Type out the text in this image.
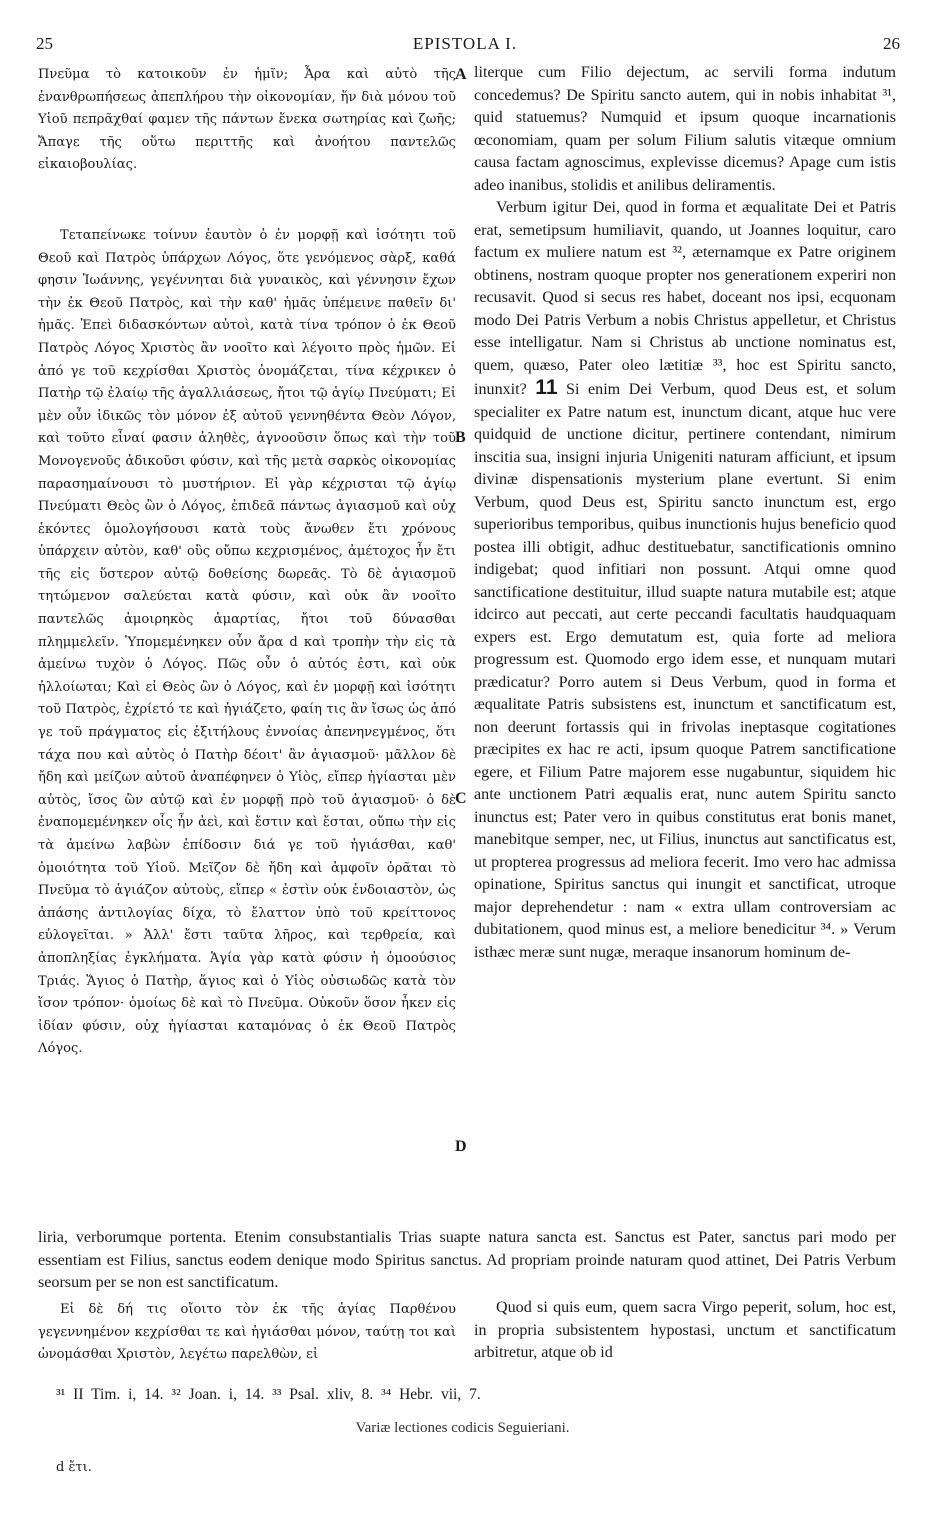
25	EPISTOLA I.	26

Πνεῦμα τὸ κατοικοῦν ἐν ἡμῖν; Ἆρα καὶ αὐτὸ τῆς ἐνανθρωπήσεως ἀπεπλήρου τὴν οἰκονομίαν, ἥν διὰ μόνου τοῦ Υἱοῦ πεπρᾶχθαί φαμεν τῆς πάντων ἕνεκα σωτηρίας καὶ ζωῆς; Ἄπαγε τῆς οὕτω περιττῆς καὶ ἀνοήτου παντελῶς εἰκαιοβουλίας.

Τεταπείνωκε τοίνυν ἑαυτὸν ὁ ἐν μορφῇ καὶ ἰσότητι τοῦ Θεοῦ καὶ Πατρὸς ὑπάρχων Λόγος, ὅτε γενόμενος σὰρξ, καθά φησιν Ἰωάννης, γεγέννηται διὰ γυναικὸς, καὶ γέννησιν ἔχων τὴν ἐκ Θεοῦ Πατρὸς, καὶ τὴν καθ' ἡμᾶς ὑπέμεινε παθεῖν δι' ἡμᾶς. Ἐπεὶ διδασκόντων αὐτοὶ, κατὰ τίνα τρόπον ὁ ἐκ Θεοῦ Πατρὸς Λόγος Χριστὸς ἂν νοοῖτο καὶ λέγοιτο πρὸς ἡμῶν. Εἰ ἀπό γε τοῦ κεχρίσθαι Χριστὸς ὀνομάζεται, τίνα κέχρικεν ὁ Πατὴρ τῷ ἐλαίῳ τῆς ἀγαλλιάσεως, ἤτοι τῷ ἁγίῳ Πνεύματι; Εἰ μὲν οὖν ἰδικῶς τὸν μόνον ἐξ αὐτοῦ γεννηθέντα Θεὸν Λόγον, καὶ τοῦτο εἶναί φασιν ἀληθὲς, ἀγνοοῦσιν ὅπως καὶ τὴν τοῦ Μονογενοῦς ἀδικοῦσι φύσιν, καὶ τῆς μετὰ σαρκὸς οἰκονομίας παρασημαίνουσι τὸ μυστήριον. Εἰ γὰρ κέχρισται τῷ ἁγίῳ Πνεύματι Θεὸς ὢν ὁ Λόγος, ἐπιδεᾶ πάντως ἁγιασμοῦ καὶ οὐχ ἑκόντες ὁμολογήσουσι κατὰ τοὺς ἄνωθεν ἔτι χρόνους ὑπάρχειν αὐτὸν, καθ' οὓς οὔπω κεχρισμένος, ἀμέτοχος ἦν ἔτι τῆς εἰς ὕστερον αὐτῷ δοθείσης δωρεᾶς. Τὸ δὲ ἁγιασμοῦ τητώμενον σαλεύεται κατὰ φύσιν, καὶ οὐκ ἂν νοοῖτο παντελῶς ἀμοιρηκὸς ἁμαρτίας, ἤτοι τοῦ δύνασθαι πλημμελεῖν. Ὑπομεμένηκεν οὖν ἄρα d καὶ τροπὴν τὴν εἰς τὰ ἀμείνω τυχὸν ὁ Λόγος. Πῶς οὖν ὁ αὐτός ἐστι, καὶ οὐκ ἠλλοίωται; Καὶ εἰ Θεὸς ὢν ὁ Λόγος, καὶ ἐν μορφῇ καὶ ἰσότητι τοῦ Πατρὸς, ἐχρίετό τε καὶ ἡγιάζετο, φαίη τις ἂν ἴσως ὡς ἀπό γε τοῦ πράγματος εἰς ἐξιτήλους ἐννοίας ἀπενηνεγμένος, ὅτι τάχα που καὶ αὐτὸς ὁ Πατὴρ δέοιτ' ἂν ἁγιασμοῦ· μᾶλλον δὲ ἤδη καὶ μείζων αὐτοῦ ἀναπέφηνεν ὁ Υἱὸς, εἴπερ ἡγίασται μὲν αὐτὸς, ἴσος ὢν αὐτῷ καὶ ἐν μορφῇ πρὸ τοῦ ἁγιασμοῦ· ὁ δὲ ἐναπομεμένηκεν οἷς ἦν ἀεὶ, καὶ ἔστιν καὶ ἔσται, οὔπω τὴν εἰς τὰ ἀμείνω λαβὼν ἐπίδοσιν διά γε τοῦ ἡγιάσθαι, καθ' ὁμοιότητα τοῦ Υἱοῦ. Μεῖζον δὲ ἤδη καὶ ἀμφοῖν ὁρᾶται τὸ Πνεῦμα τὸ ἁγιάζον αὐτοὺς, εἴπερ « ἐστὶν οὐκ ἐνδοιαστὸν, ὡς ἁπάσης ἀντιλογίας δίχα, τὸ ἔλαττον ὑπὸ τοῦ κρείττονος εὐλογεῖται. » Ἀλλ' ἔστι ταῦτα λῆρος, καὶ τερθρεία, καὶ ἀποπληξίας ἐγκλήματα. Ἁγία γὰρ κατὰ φύσιν ἡ ὁμοούσιος Τριάς. Ἅγιος ὁ Πατὴρ, ἅγιος καὶ ὁ Υἱὸς οὐσιωδῶς κατὰ τὸν ἴσον τρόπον· ὁμοίως δὲ καὶ τὸ Πνεῦμα. Οὐκοῦν ὅσον ἧκεν εἰς ἰδίαν φύσιν, οὐχ ἡγίασται καταμόνας ὁ ἐκ Θεοῦ Πατρὸς Λόγος.

literque cum Filio dejectum, ac servili forma indutum concedemus? De Spiritu sancto autem, qui in nobis inhabitat ³¹, quid statuemus? Numquid et ipsum quoque incarnationis œconomiam, quam per solum Filium salutis vitæque omnium causa factam agnoscimus, explevisse dicemus? Apage cum istis adeo inanibus, stolidis et anilibus deliramentis.

Verbum igitur Dei, quod in forma et æqualitate Dei et Patris erat, semetipsum humiliavit, quando, ut Joannes loquitur, caro factum ex muliere natum est ³², æternamque ex Patre originem obtinens, nostram quoque propter nos generationem experiri non recusavit. Quod si secus res habet, doceant nos ipsi, ecquonam modo Dei Patris Verbum a nobis Christus appelletur, et Christus esse intelligatur. Nam si Christus ab unctione nominatus est, quem, quæso, Pater oleo lætitiæ ³³, hoc est Spiritu sancto, inunxit? 11 Si enim Dei Verbum, quod Deus est, et solum specialiter ex Patre natum est, inunctum dicant, atque huc vere quidquid de unctione dicitur, pertinere contendant, nimirum inscitia sua, insigni injuria Unigeniti naturam afficiunt, et ipsum divinæ dispensationis mysterium plane evertunt. Si enim Verbum, quod Deus est, Spiritu sancto inunctum est, ergo superioribus temporibus, quibus inunctionis hujus beneficio quod postea illi obtigit, adhuc destituebatur, sanctificationis omnino indigebat; quod infitiari non possunt. Atqui omne quod sanctificatione destituitur, illud suapte natura mutabile est; atque idcirco aut peccati, aut certe peccandi facultatis haudquaquam expers est. Ergo demutatum est, quia forte ad meliora progressum est. Quomodo ergo idem esse, et nunquam mutari prædicatur? Porro autem si Deus Verbum, quod in forma et æqualitate Patris subsistens est, inunctum et sanctificatum est, non deerunt fortassis qui in frivolas ineptasque cogitationes præcipites ex hac re acti, ipsum quoque Patrem sanctificatione egere, et Filium Patre majorem esse nugabuntur, siquidem hic ante unctionem Patri æqualis erat, nunc autem Spiritu sancto inunctus est; Pater vero in quibus constitutus erat bonis manet, manebitque semper, nec, ut Filius, inunctus aut sanctificatus est, ut propterea progressus ad meliora fecerit. Imo vero hac admissa opinatione, Spiritus sanctus qui inungit et sanctificat, utroque major deprehendetur : nam « extra ullam controversiam ac dubitationem, quod minus est, a meliore benedicitur ³⁴. » Verum isthæc meræ sunt nugæ, meraque insanorum hominum de-

A
B
C
D

liria, verborumque portenta. Etenim consubstantialis Trias suapte natura sancta est. Sanctus est Pater, sanctus pari modo per essentiam est Filius, sanctus eodem denique modo Spiritus sanctus. Ad propriam proinde naturam quod attinet, Dei Patris Verbum seorsum per se non est sanctificatum.

Εἰ δὲ δή τις οἴοιτο τὸν ἐκ τῆς ἁγίας Παρθένου γεγεννημένον κεχρίσθαι τε καὶ ἡγιάσθαι μόνον, ταύτῃ τοι καὶ ὠνομάσθαι Χριστὸν, λεγέτω παρελθὼν, εἰ

Quod si quis eum, quem sacra Virgo peperit, solum, hoc est, in propria subsistentem hypostasi, unctum et sanctificatum arbitretur, atque ob id

³¹ II Tim. i, 14. ³² Joan. i, 14. ³³ Psal. xliv, 8. ³⁴ Hebr. vii, 7.
Variæ lectiones codicis Seguieriani.
d ἔτι.
